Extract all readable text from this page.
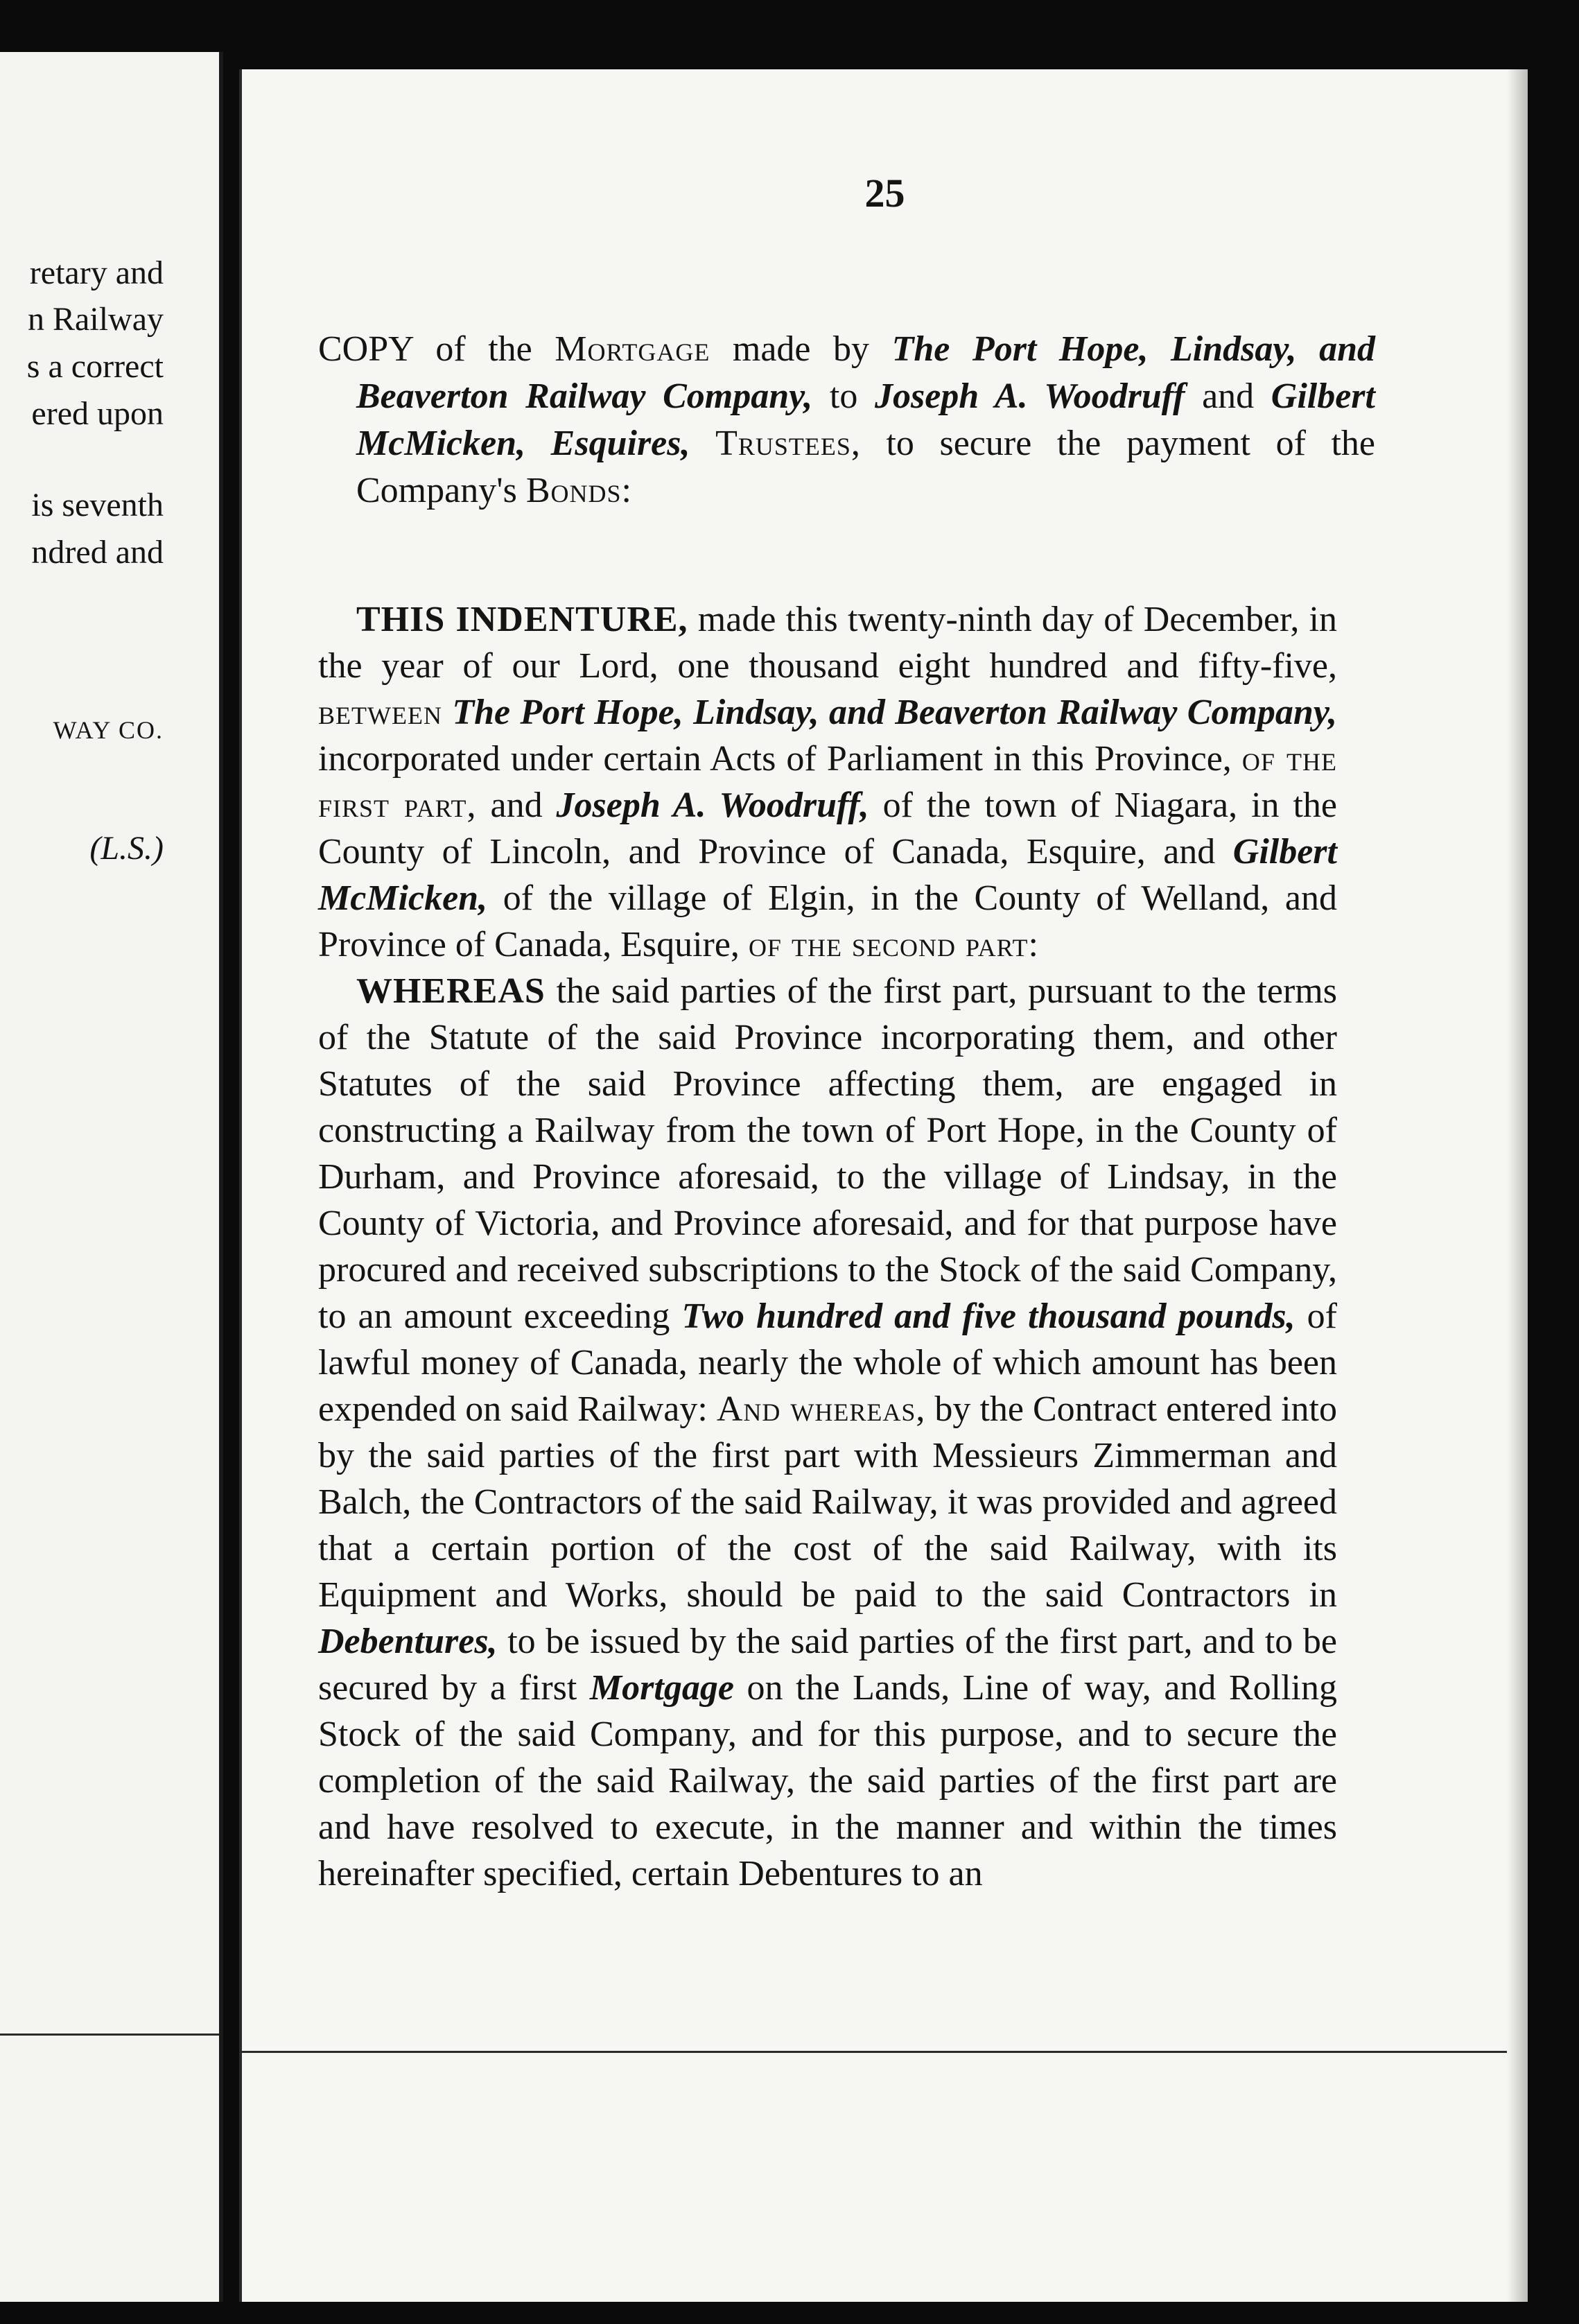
retary and
n Railway
s a correct
ered upon
is seventh
ndred and
WAY CO.
(L.S.)
25
COPY of the Mortgage made by The Port Hope, Lindsay, and Beaverton Railway Company, to Joseph A. Woodruff and Gilbert McMicken, Esquires, Trustees, to secure the payment of the Company's Bonds:

THIS INDENTURE, made this twenty-ninth day of December, in the year of our Lord, one thousand eight hundred and fifty-five, between The Port Hope, Lindsay, and Beaverton Railway Company, incorporated under certain Acts of Parliament in this Province, of the first part, and Joseph A. Woodruff, of the town of Niagara, in the County of Lincoln, and Province of Canada, Esquire, and Gilbert McMicken, of the village of Elgin, in the County of Welland, and Province of Canada, Esquire, of the second part:

WHEREAS the said parties of the first part, pursuant to the terms of the Statute of the said Province incorporating them, and other Statutes of the said Province affecting them, are engaged in constructing a Railway from the town of Port Hope, in the County of Durham, and Province aforesaid, to the village of Lindsay, in the County of Victoria, and Province aforesaid, and for that purpose have procured and received subscriptions to the Stock of the said Company, to an amount exceeding Two hundred and five thousand pounds, of lawful money of Canada, nearly the whole of which amount has been expended on said Railway: And whereas, by the Contract entered into by the said parties of the first part with Messieurs Zimmerman and Balch, the Contractors of the said Railway, it was provided and agreed that a certain portion of the cost of the said Railway, with its Equipment and Works, should be paid to the said Contractors in Debentures, to be issued by the said parties of the first part, and to be secured by a first Mortgage on the Lands, Line of way, and Rolling Stock of the said Company, and for this purpose, and to secure the completion of the said Railway, the said parties of the first part are and have resolved to execute, in the manner and within the times hereinafter specified, certain Debentures to an
